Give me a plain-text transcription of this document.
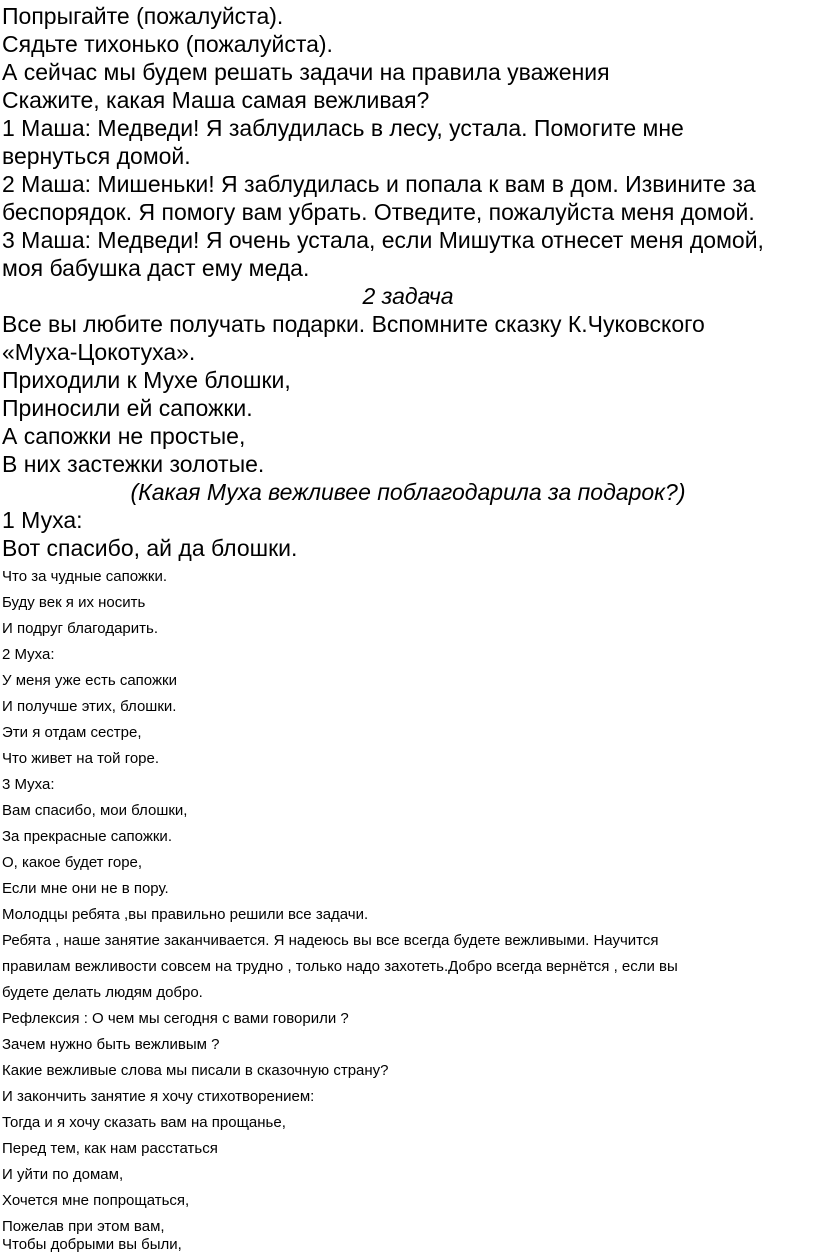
Попрыгайте (пожалуйста).
Сядьте тихонько (пожалуйста).
А сейчас мы будем решать задачи на правила уважения
Скажите, какая Маша самая вежливая?
1 Маша: Медведи! Я заблудилась в лесу, устала. Помогите мне
вернуться домой.
2 Маша: Мишеньки! Я заблудилась и попала к вам в дом. Извините за
беспорядок. Я помогу вам убрать. Отведите, пожалуйста меня домой.
3 Маша: Медведи! Я очень устала, если Мишутка отнесет меня домой,
моя бабушка даст ему меда.
2 задача
Все вы любите получать подарки. Вспомните сказку К.Чуковского
«Муха-Цокотуха».
Приходили к Мухе блошки,
Приносили ей сапожки.
А сапожки не простые,
В них застежки золотые.
(Какая Муха вежливее поблагодарила за подарок?)
1 Муха:
Вот спасибо, ай да блошки.
Что за чудные сапожки.
Буду век я их носить
И подруг благодарить.
2 Муха:
У меня уже есть сапожки
И получше этих, блошки.
Эти я отдам сестре,
Что живет на той горе.
3 Муха:
Вам спасибо, мои блошки,
За прекрасные сапожки.
О, какое будет горе,
Если мне они не в пору.
Молодцы ребята ,вы правильно решили все задачи.
Ребята , наше занятие заканчивается. Я надеюсь вы все всегда будете вежливыми. Научится
правилам вежливости совсем на трудно , только надо захотеть.Добро всегда вернётся , если вы
будете делать людям добро.
Рефлексия : О чем мы сегодня с вами говорили ?
Зачем нужно быть вежливым ?
Какие вежливые слова мы писали в сказочную страну?
И закончить занятие я хочу стихотворением:
Тогда и я хочу сказать вам на прощанье,
Перед тем, как нам расстаться
И уйти по домам,
Хочется мне попрощаться,
Пожелав при этом вам,
Чтобы добрыми вы были,
